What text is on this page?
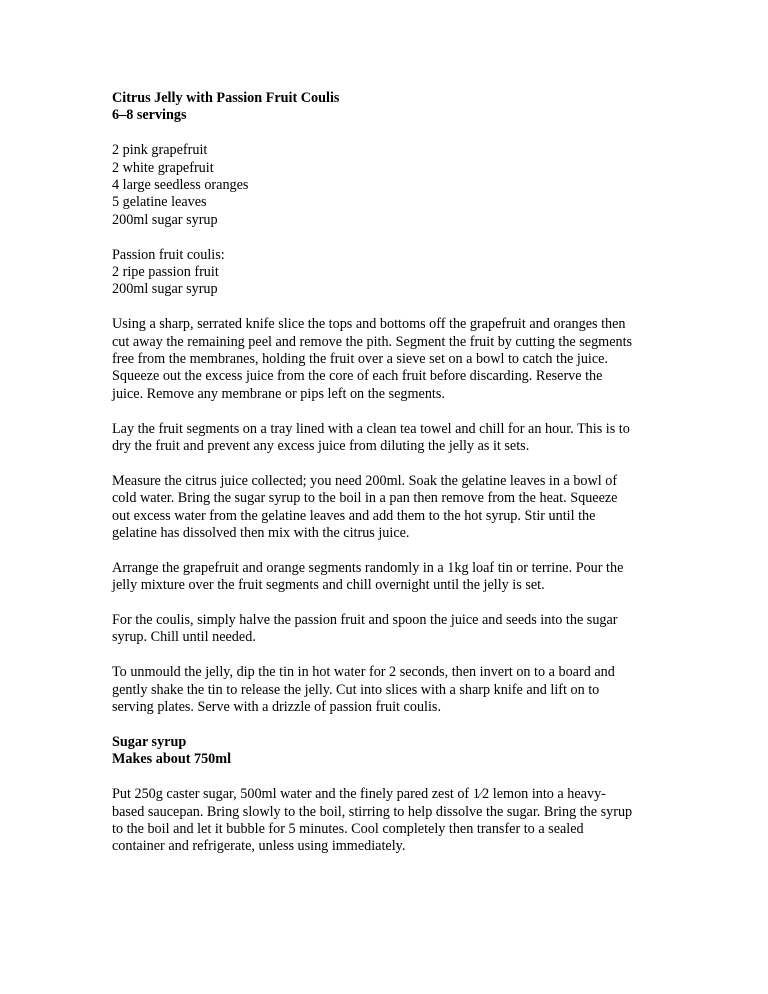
Citrus Jelly with Passion Fruit Coulis
6–8 servings
2 pink grapefruit
2 white grapefruit
4 large seedless oranges
5 gelatine leaves
200ml sugar syrup
Passion fruit coulis:
2 ripe passion fruit
200ml sugar syrup

Using a sharp, serrated knife slice the tops and bottoms off the grapefruit and oranges then
cut away the remaining peel and remove the pith. Segment the fruit by cutting the segments
free from the membranes, holding the fruit over a sieve set on a bowl to catch the juice.
Squeeze out the excess juice from the core of each fruit before discarding. Reserve the
juice. Remove any membrane or pips left on the segments.

Lay the fruit segments on a tray lined with a clean tea towel and chill for an hour. This is to
dry the fruit and prevent any excess juice from diluting the jelly as it sets.

Measure the citrus juice collected; you need 200ml. Soak the gelatine leaves in a bowl of
cold water. Bring the sugar syrup to the boil in a pan then remove from the heat. Squeeze
out excess water from the gelatine leaves and add them to the hot syrup. Stir until the
gelatine has dissolved then mix with the citrus juice.

Arrange the grapefruit and orange segments randomly in a 1kg loaf tin or terrine. Pour the
jelly mixture over the fruit segments and chill overnight until the jelly is set.

For the coulis, simply halve the passion fruit and spoon the juice and seeds into the sugar
syrup. Chill until needed.

To unmould the jelly, dip the tin in hot water for 2 seconds, then invert on to a board and
gently shake the tin to release the jelly. Cut into slices with a sharp knife and lift on to
serving plates. Serve with a drizzle of passion fruit coulis.

Sugar syrup
Makes about 750ml

Put 250g caster sugar, 500ml water and the finely pared zest of 1⁄2 lemon into a heavy-
based saucepan. Bring slowly to the boil, stirring to help dissolve the sugar. Bring the syrup
to the boil and let it bubble for 5 minutes. Cool completely then transfer to a sealed
container and refrigerate, unless using immediately.
